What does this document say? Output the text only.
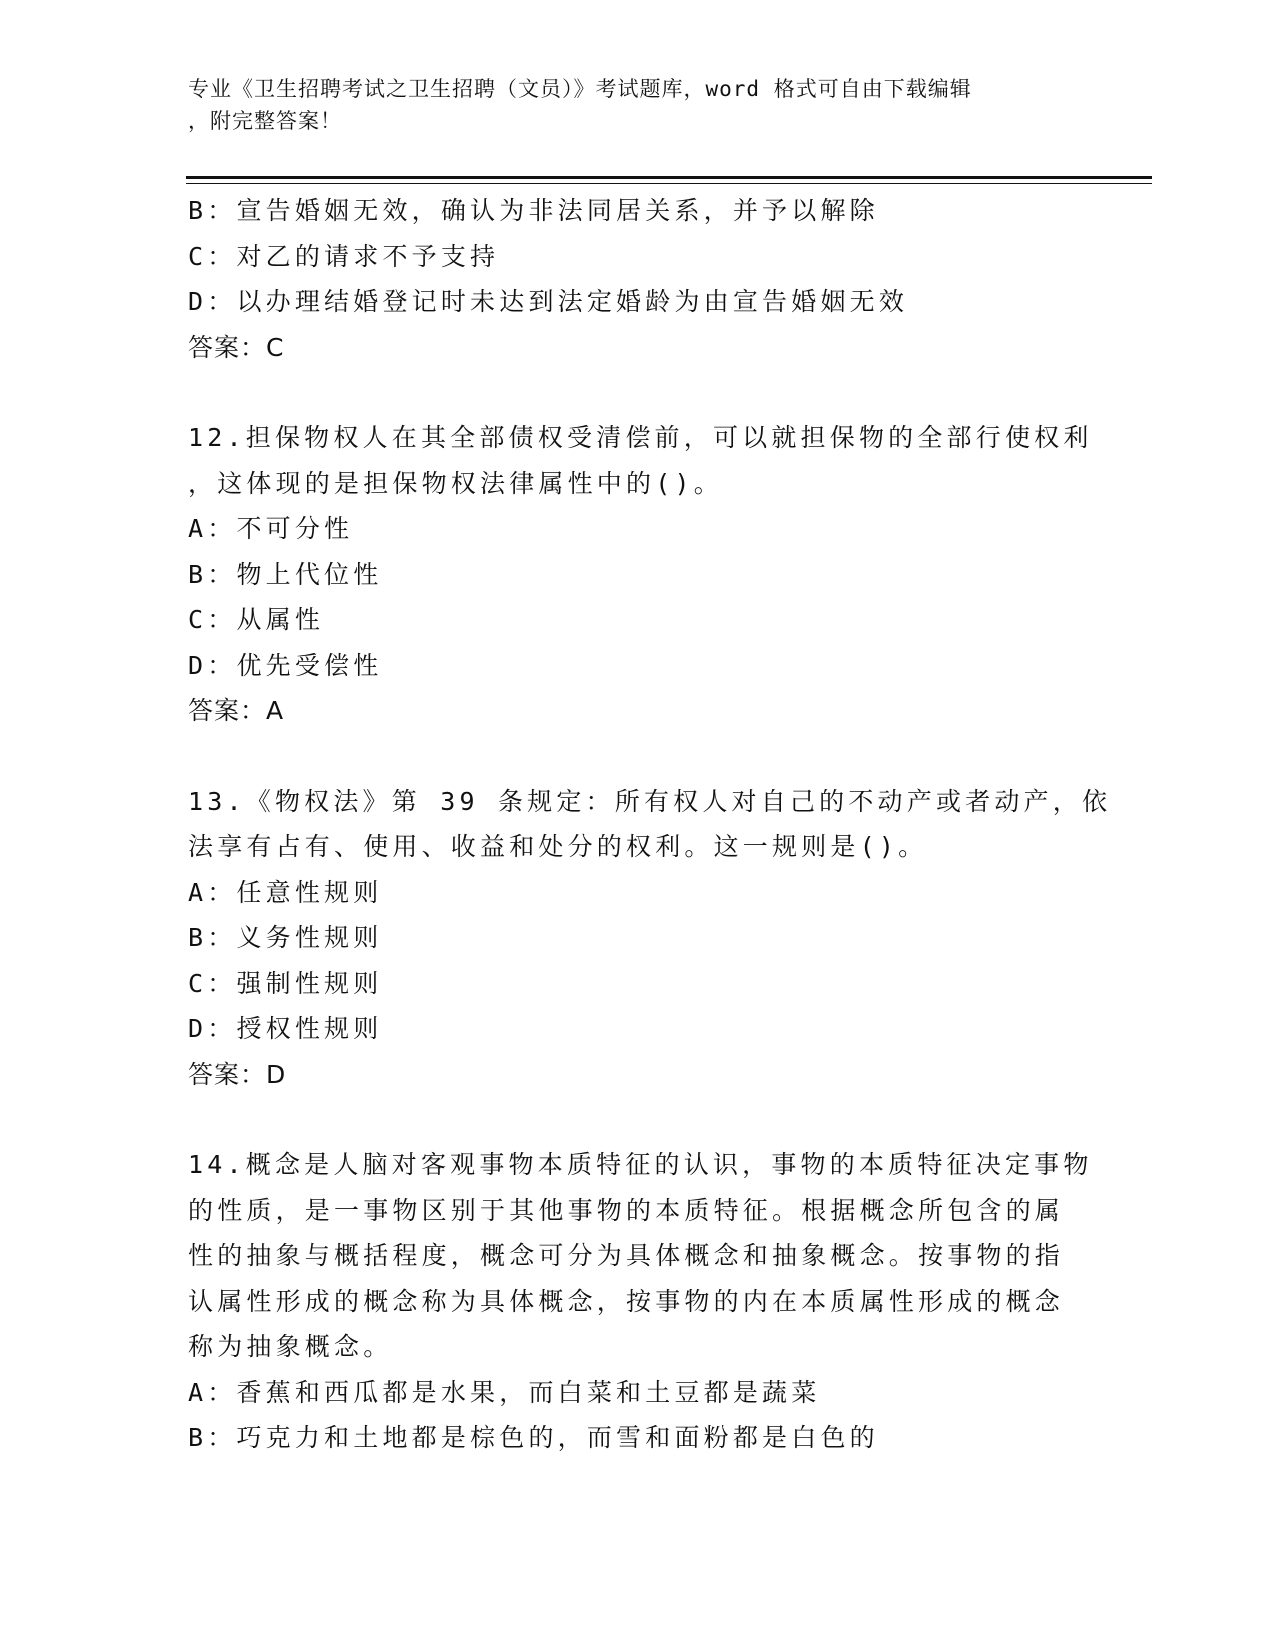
专业《卫生招聘考试之卫生招聘（文员）》考试题库，word 格式可自由下载编辑
，附完整答案！
B：宣告婚姻无效，确认为非法同居关系，并予以解除
C：对乙的请求不予支持
D：以办理结婚登记时未达到法定婚龄为由宣告婚姻无效
答案：C
12.担保物权人在其全部债权受清偿前，可以就担保物的全部行使权利
，这体现的是担保物权法律属性中的()。
A：不可分性
B：物上代位性
C：从属性
D：优先受偿性
答案：A
13.《物权法》第 39 条规定：所有权人对自己的不动产或者动产，依
法享有占有、使用、收益和处分的权利。这一规则是()。
A：任意性规则
B：义务性规则
C：强制性规则
D：授权性规则
答案：D
14.概念是人脑对客观事物本质特征的认识，事物的本质特征决定事物
的性质，是一事物区别于其他事物的本质特征。根据概念所包含的属
性的抽象与概括程度，概念可分为具体概念和抽象概念。按事物的指
认属性形成的概念称为具体概念，按事物的内在本质属性形成的概念
称为抽象概念。
A：香蕉和西瓜都是水果，而白菜和土豆都是蔬菜
B：巧克力和土地都是棕色的，而雪和面粉都是白色的
